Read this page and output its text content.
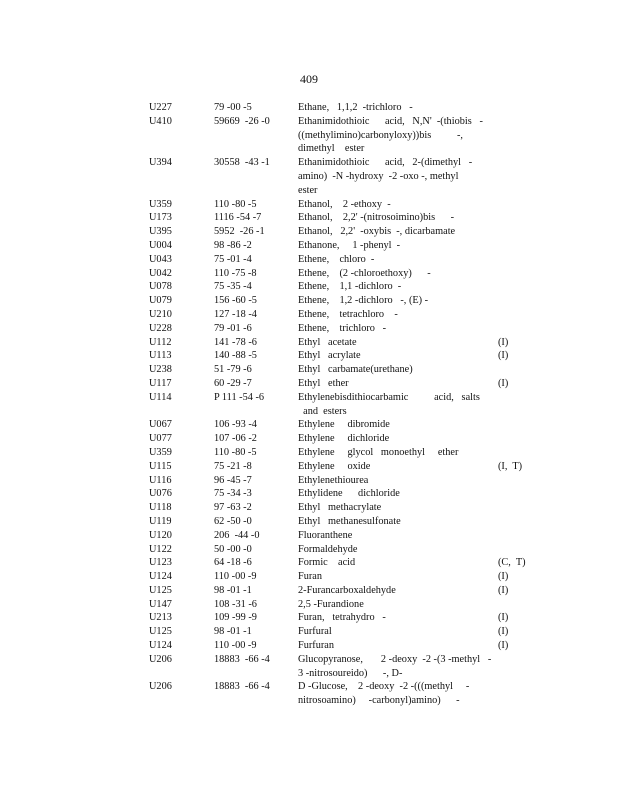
409
U227	79 -00 -5	Ethane,   1,1,2  -trichloro   -
U410	59669  -26 -0	Ethanimidothioic      acid,   N,N'  -(thiobis   -
((methylimino)carbonyloxy))bis          -,
dimethyl    ester
U394	30558  -43 -1	Ethanimidothioic      acid,   2-(dimethyl   -
amino)  -N -hydroxy  -2 -oxo -, methyl
ester
U359	110 -80 -5	Ethanol,    2 -ethoxy  -
U173	1116 -54 -7	Ethanol,    2,2' -(nitrosoimino)bis      -
U395	5952  -26 -1	Ethanol,   2,2'  -oxybis  -, dicarbamate
U004	98 -86 -2	Ethanone,     1 -phenyl  -
U043	75 -01 -4	Ethene,    chloro  -
U042	110 -75 -8	Ethene,    (2 -chloroethoxy)      -
U078	75 -35 -4	Ethene,    1,1 -dichloro  -
U079	156 -60 -5	Ethene,    1,2 -dichloro   -, (E) -
U210	127 -18 -4	Ethene,    tetrachloro    -
U228	79 -01 -6	Ethene,    trichloro   -
U112	141 -78 -6	Ethyl   acetate	(I)
U113	140 -88 -5	Ethyl   acrylate	(I)
U238	51 -79 -6	Ethyl   carbamate(urethane)
U117	60 -29 -7	Ethyl   ether	(I)
U114	P 111 -54 -6	Ethylenebisdithiocarbamic          acid,   salts
and  esters
U067	106 -93 -4	Ethylene     dibromide
U077	107 -06 -2	Ethylene     dichloride
U359	110 -80 -5	Ethylene     glycol   monoethyl     ether
U115	75 -21 -8	Ethylene     oxide	(I,  T)
U116	96 -45 -7	Ethylenethiourea
U076	75 -34 -3	Ethylidene      dichloride
U118	97 -63 -2	Ethyl   methacrylate
U119	62 -50 -0	Ethyl   methanesulfonate
U120	206  -44 -0	Fluoranthene
U122	50 -00 -0	Formaldehyde
U123	64 -18 -6	Formic    acid	(C,  T)
U124	110 -00 -9	Furan	(I)
U125	98 -01 -1	2-Furancarboxaldehyde	(I)
U147	108 -31 -6	2,5 -Furandione
U213	109 -99 -9	Furan,   tetrahydro   -	(I)
U125	98 -01 -1	Furfural	(I)
U124	110 -00 -9	Furfuran	(I)
U206	18883  -66 -4	Glucopyranose,       2 -deoxy  -2 -(3 -methyl   -
3 -nitrosoureido)      -, D-
U206	18883  -66 -4	D -Glucose,    2 -deoxy  -2 -(((methyl     -
nitrosoamino)     -carbonyl)amino)      -
